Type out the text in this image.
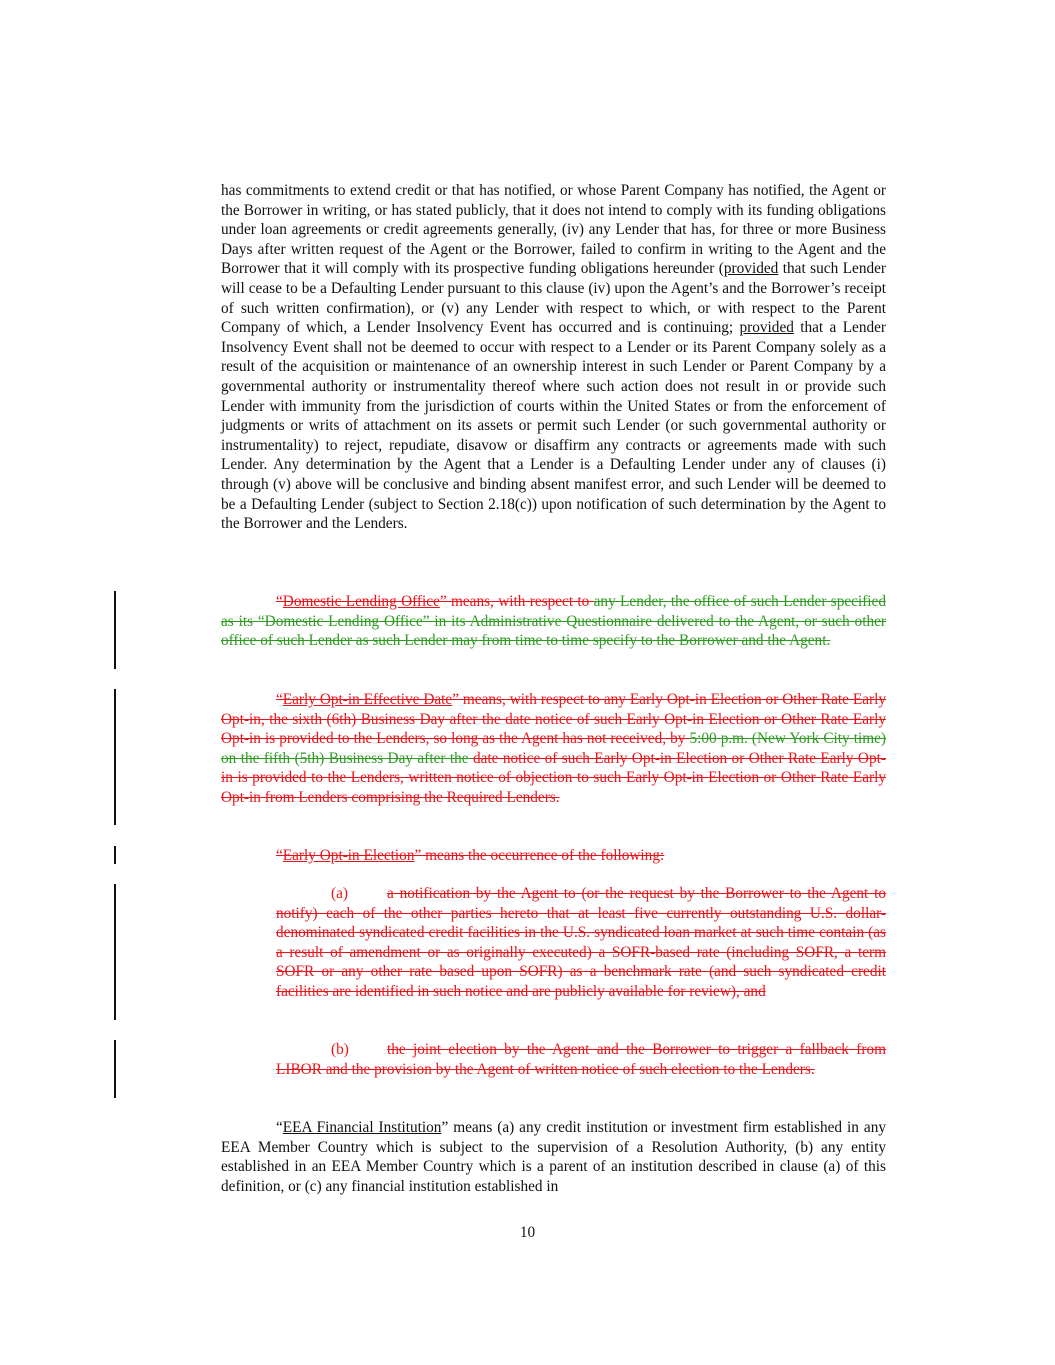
has commitments to extend credit or that has notified, or whose Parent Company has notified, the Agent or the Borrower in writing, or has stated publicly, that it does not intend to comply with its funding obligations under loan agreements or credit agreements generally, (iv) any Lender that has, for three or more Business Days after written request of the Agent or the Borrower, failed to confirm in writing to the Agent and the Borrower that it will comply with its prospective funding obligations hereunder (provided that such Lender will cease to be a Defaulting Lender pursuant to this clause (iv) upon the Agent’s and the Borrower’s receipt of such written confirmation), or (v) any Lender with respect to which, or with respect to the Parent Company of which, a Lender Insolvency Event has occurred and is continuing; provided that a Lender Insolvency Event shall not be deemed to occur with respect to a Lender or its Parent Company solely as a result of the acquisition or maintenance of an ownership interest in such Lender or Parent Company by a governmental authority or instrumentality thereof where such action does not result in or provide such Lender with immunity from the jurisdiction of courts within the United States or from the enforcement of judgments or writs of attachment on its assets or permit such Lender (or such governmental authority or instrumentality) to reject, repudiate, disavow or disaffirm any contracts or agreements made with such Lender. Any determination by the Agent that a Lender is a Defaulting Lender under any of clauses (i) through (v) above will be conclusive and binding absent manifest error, and such Lender will be deemed to be a Defaulting Lender (subject to Section 2.18(c)) upon notification of such determination by the Agent to the Borrower and the Lenders.
“Domestic Lending Office” means, with respect to any Lender, the office of such Lender specified as its “Domestic Lending Office” in its Administrative Questionnaire delivered to the Agent, or such other office of such Lender as such Lender may from time to time specify to the Borrower and the Agent.
“Early Opt-in Effective Date” means, with respect to any Early Opt-in Election or Other Rate Early Opt-in, the sixth (6th) Business Day after the date notice of such Early Opt-in Election or Other Rate Early Opt-in is provided to the Lenders, so long as the Agent has not received, by 5:00 p.m. (New York City time) on the fifth (5th) Business Day after the date notice of such Early Opt-in Election or Other Rate Early Opt-in is provided to the Lenders, written notice of objection to such Early Opt-in Election or Other Rate Early Opt-in from Lenders comprising the Required Lenders.
“Early Opt-in Election” means the occurrence of the following:
(a)	a notification by the Agent to (or the request by the Borrower to the Agent to notify) each of the other parties hereto that at least five currently outstanding U.S. dollar-denominated syndicated credit facilities in the U.S. syndicated loan market at such time contain (as a result of amendment or as originally executed) a SOFR-based rate (including SOFR, a term SOFR or any other rate based upon SOFR) as a benchmark rate (and such syndicated credit facilities are identified in such notice and are publicly available for review), and
(b) the joint election by the Agent and the Borrower to trigger a fallback from LIBOR and the provision by the Agent of written notice of such election to the Lenders.
“EEA Financial Institution” means (a) any credit institution or investment firm established in any EEA Member Country which is subject to the supervision of a Resolution Authority, (b) any entity established in an EEA Member Country which is a parent of an institution described in clause (a) of this definition, or (c) any financial institution established in
10
